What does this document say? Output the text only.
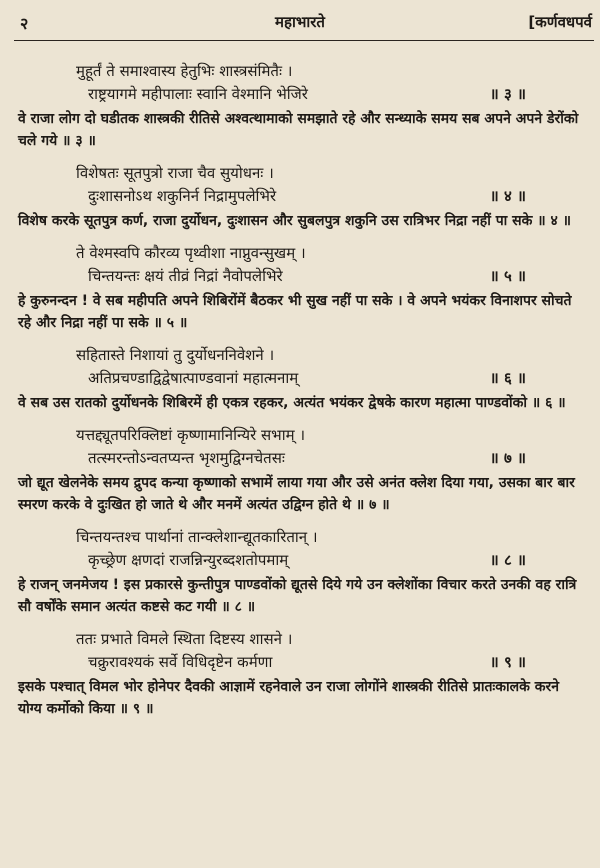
२	महाभारते	[कर्णवधपर्व
मुहूर्तं ते समाश्वास्य हेतुभिः शास्त्रसंमितैः ।
राष्ट्रयागमे महीपालाः स्वानि वेश्मानि भेजिरे	॥ ३ ॥
वे राजा लोग दो घडीतक शास्त्रकी रीतिसे अश्वत्थामाको समझाते रहे और सन्ध्याके समय सब अपने अपने डेरोंको चले गये ॥ ३ ॥
विशेषतः सूतपुत्रो राजा चैव सुयोधनः ।
दुःशासनोऽथ शकुनिर्न निद्रामुपलेभिरे	॥ ४ ॥
विशेष करके सूतपुत्र कर्ण, राजा दुर्योधन, दुःशासन और सुबलपुत्र शकुनि उस रात्रिभर निद्रा नहीं पा सके ॥ ४ ॥
ते वेश्मस्वपि कौरव्य पृथ्वीशा नाप्नुवन्सुखम् ।
चिन्तयन्तः क्षयं तीव्रं निद्रां नैवोपलेभिरे	॥ ५ ॥
हे कुरुनन्दन ! वे सब महीपति अपने शिबिरोंमें बैठकर भी सुख नहीं पा सके । वे अपने भयंकर विनाशपर सोचते रहे और निद्रा नहीं पा सके ॥ ५ ॥
सहितास्ते निशायां तु दुर्योधननिवेशने ।
अतिप्रचण्डाद्विद्वेषात्पाण्डवानां महात्मनाम्	॥ ६ ॥
वे सब उस रातको दुर्योधनके शिबिरमें ही एकत्र रहकर, अत्यंत भयंकर द्वेषके कारण महात्मा पाण्डवोंको ॥ ६ ॥
यत्तद्द्यूतपरिक्लिष्टां कृष्णामानिन्यिरे सभाम् ।
तत्स्मरन्तोऽन्वतप्यन्त भृशमुद्विग्नचेतसः	॥ ७ ॥
जो द्यूत खेलनेके समय द्रुपद कन्या कृष्णाको सभामें लाया गया और उसे अनंत क्लेश दिया गया, उसका बार बार स्मरण करके वे दुःखित हो जाते थे और मनमें अत्यंत उद्विग्न होते थे ॥ ७ ॥
चिन्तयन्तश्च पार्थानां तान्क्लेशान्द्यूतकारितान् ।
कृच्छ्रेण क्षणदां राजन्निन्युरब्दशतोपमाम्	॥ ८ ॥
हे राजन् जनमेजय ! इस प्रकारसे कुन्तीपुत्र पाण्डवोंको द्यूतसे दिये गये उन क्लेशोंका विचार करते उनकी वह रात्रि सौ वर्षोंके समान अत्यंत कष्टसे कट गयी ॥ ८ ॥
ततः प्रभाते विमले स्थिता दिष्टस्य शासने ।
चक्रुरावश्यकं सर्वे विधिदृष्टेन कर्मणा	॥ ९ ॥
इसके पश्चात् विमल भोर होनेपर दैवकी आज्ञामें रहनेवाले उन राजा लोगोंने शास्त्रकी रीतिसे प्रातःकालके करने योग्य कर्मोको किया ॥ ९ ॥
